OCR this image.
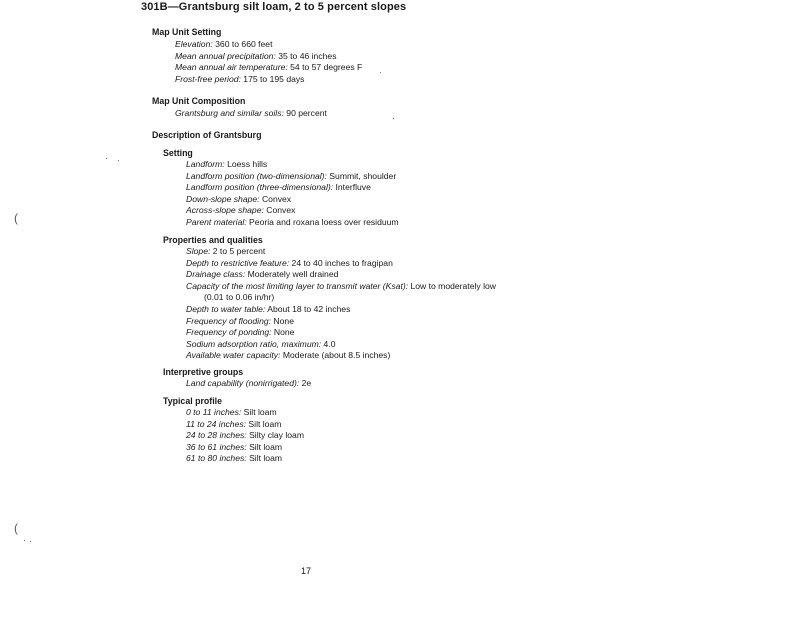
301B—Grantsburg silt loam, 2 to 5 percent slopes
Map Unit Setting
Elevation: 360 to 660 feet
Mean annual precipitation: 35 to 46 inches
Mean annual air temperature: 54 to 57 degrees F
Frost-free period: 175 to 195 days
Map Unit Composition
Grantsburg and similar soils: 90 percent
Description of Grantsburg
Setting
Landform: Loess hills
Landform position (two-dimensional): Summit, shoulder
Landform position (three-dimensional): Interfluve
Down-slope shape: Convex
Across-slope shape: Convex
Parent material: Peoria and roxana loess over residuum
Properties and qualities
Slope: 2 to 5 percent
Depth to restrictive feature: 24 to 40 inches to fragipan
Drainage class: Moderately well drained
Capacity of the most limiting layer to transmit water (Ksat): Low to moderately low
(0.01 to 0.06 in/hr)
Depth to water table: About 18 to 42 inches
Frequency of flooding: None
Frequency of ponding: None
Sodium adsorption ratio, maximum: 4.0
Available water capacity: Moderate (about 8.5 inches)
Interpretive groups
Land capability (nonirrigated): 2e
Typical profile
0 to 11 inches: Silt loam
11 to 24 inches: Silt loam
24 to 28 inches: Silty clay loam
36 to 61 inches: Silt loam
61 to 80 inches: Silt loam
17
(
(
